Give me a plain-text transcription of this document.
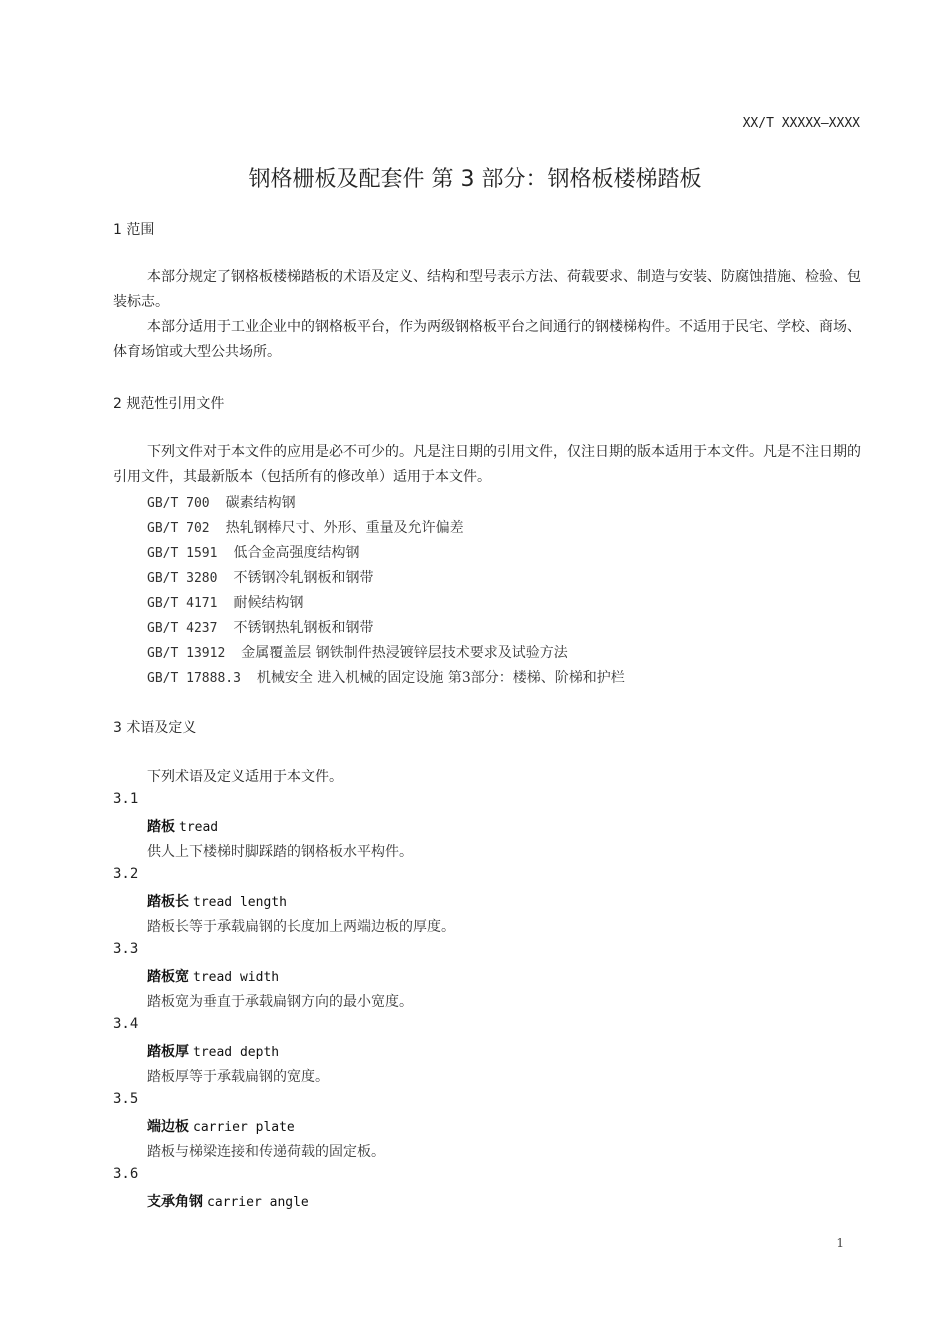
XX/T XXXXX—XXXX
钢格栅板及配套件 第 3 部分：钢格板楼梯踏板
1 范围
本部分规定了钢格板楼梯踏板的术语及定义、结构和型号表示方法、荷载要求、制造与安装、防腐蚀措施、检验、包装标志。
本部分适用于工业企业中的钢格板平台，作为两级钢格板平台之间通行的钢楼梯构件。不适用于民宅、学校、商场、体育场馆或大型公共场所。
2 规范性引用文件
下列文件对于本文件的应用是必不可少的。凡是注日期的引用文件，仅注日期的版本适用于本文件。凡是不注日期的引用文件，其最新版本（包括所有的修改单）适用于本文件。
GB/T 700 碳素结构钢
GB/T 702 热轧钢棒尺寸、外形、重量及允许偏差
GB/T 1591 低合金高强度结构钢
GB/T 3280 不锈钢冷轧钢板和钢带
GB/T 4171 耐候结构钢
GB/T 4237 不锈钢热轧钢板和钢带
GB/T 13912 金属覆盖层 钢铁制件热浸镀锌层技术要求及试验方法
GB/T 17888.3 机械安全 进入机械的固定设施 第3部分：楼梯、阶梯和护栏
3 术语及定义
下列术语及定义适用于本文件。
3.1
踏板 tread
供人上下楼梯时脚踩踏的钢格板水平构件。
3.2
踏板长 tread length
踏板长等于承载扁钢的长度加上两端边板的厚度。
3.3
踏板宽 tread width
踏板宽为垂直于承载扁钢方向的最小宽度。
3.4
踏板厚 tread depth
踏板厚等于承载扁钢的宽度。
3.5
端边板 carrier plate
踏板与梯梁连接和传递荷载的固定板。
3.6
支承角钢 carrier angle
1
